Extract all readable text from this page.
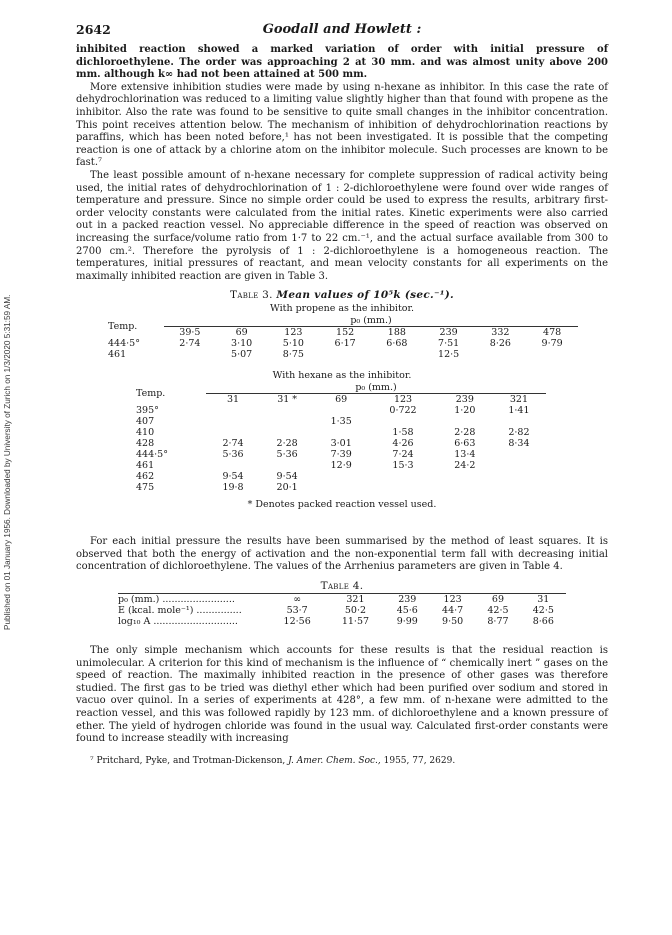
Published on 01 January 1956. Downloaded by University of Zurich on 1/3/2020 5:31:59 AM.
2642	Goodall and Howlett :

inhibited reaction showed a marked variation of order with initial pressure of dichloroethylene. The order was approaching 2 at 30 mm. and was almost unity above 200 mm. although k∞ had not been attained at 500 mm.

More extensive inhibition studies were made by using n-hexane as inhibitor. In this case the rate of dehydrochlorination was reduced to a limiting value slightly higher than that found with propene as the inhibitor. Also the rate was found to be sensitive to quite small changes in the inhibitor concentration. This point receives attention below. The mechanism of inhibition of dehydrochlorination reactions by paraffins, which has been noted before,¹ has not been investigated. It is possible that the competing reaction is one of attack by a chlorine atom on the inhibitor molecule. Such processes are known to be fast.⁷

The least possible amount of n-hexane necessary for complete suppression of radical activity being used, the initial rates of dehydrochlorination of 1 : 2-dichloroethylene were found over wide ranges of temperature and pressure. Since no simple order could be used to express the results, arbitrary first-order velocity constants were calculated from the initial rates. Kinetic experiments were also carried out in a packed reaction vessel. No appreciable difference in the speed of reaction was observed on increasing the surface/volume ratio from 1·7 to 22 cm.⁻¹, and the actual surface available from 300 to 2700 cm.². Therefore the pyrolysis of 1 : 2-dichloroethylene is a homogeneous reaction. The temperatures, initial pressures of reactant, and mean velocity constants for all experiments on the maximally inhibited reaction are given in Table 3.

Table 3. Mean values of 10⁵k (sec.⁻¹).
With propene as the inhibitor.
Temp.	p₀ (mm.)							
	39·5	69	123	152	188	239	332	478
444·5°	2·74	3·10	5·10	6·17	6·68	7·51	8·26	9·79
461		5·07	8·75			12·5		
With hexane as the inhibitor.
Temp.	p₀ (mm.)					
	31	31 *	69	123	239	321
395°				0·722	1·20	1·41
407			1·35			
410				1·58	2·28	2·82
428	2·74	2·28	3·01	4·26	6·63	8·34
444·5°	5·36	5·36	7·39	7·24	13·4	
461			12·9	15·3	24·2	
462	9·54	9·54				
475	19·8	20·1				
* Denotes packed reaction vessel used.

For each initial pressure the results have been summarised by the method of least squares. It is observed that both the energy of activation and the non-exponential term fall with decreasing initial concentration of dichloroethylene. The values of the Arrhenius parameters are given in Table 4.

Table 4.
p₀ (mm.) ........................	∞	321	239	123	69	31
E (kcal. mole⁻¹) ...............	53·7	50·2	45·6	44·7	42·5	42·5
log₁₀ A ............................	12·56	11·57	9·99	9·50	8·77	8·66

The only simple mechanism which accounts for these results is that the residual reaction is unimolecular. A criterion for this kind of mechanism is the influence of “ chemically inert ” gases on the speed of reaction. The maximally inhibited reaction in the presence of other gases was therefore studied. The first gas to be tried was diethyl ether which had been purified over sodium and stored in vacuo over quinol. In a series of experiments at 428°, a few mm. of n-hexane were admitted to the reaction vessel, and this was followed rapidly by 123 mm. of dichloroethylene and a known pressure of ether. The yield of hydrogen chloride was found in the usual way. Calculated first-order constants were found to increase steadily with increasing

⁷ Pritchard, Pyke, and Trotman-Dickenson, J. Amer. Chem. Soc., 1955, 77, 2629.
